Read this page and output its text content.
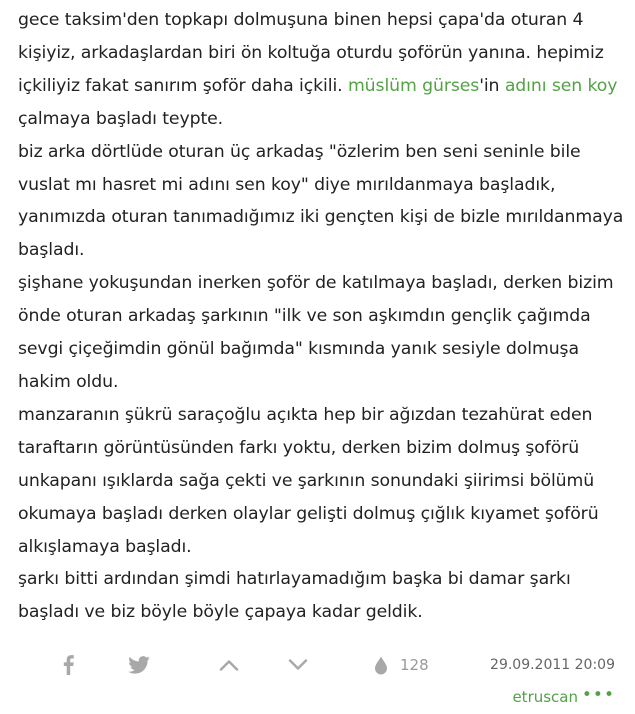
gece taksim'den topkapı dolmuşuna binen hepsi çapa'da oturan 4 kişiyiz, arkadaşlardan biri ön koltuğa oturdu şoförün yanına. hepimiz içkiliyiz fakat sanırım şoför daha içkili. müslüm gürses'in adını sen koy çalmaya başladı teypte.

biz arka dörtlüde oturan üç arkadaş "özlerim ben seni seninle bile vuslat mı hasret mi adını sen koy" diye mırıldanmaya başladık, yanımızda oturan tanımadığımız iki gençten kişi de bizle mırıldanmaya başladı.

şişhane yokuşundan inerken şoför de katılmaya başladı, derken bizim önde oturan arkadaş şarkının "ilk ve son aşkımdın gençlik çağımda sevgi çiçeğimdin gönül bağımda" kısmında yanık sesiyle dolmuşa hakim oldu.

manzaranın şükrü saraçoğlu açıkta hep bir ağızdan tezahürat eden taraftarın görüntüsünden farkı yoktu, derken bizim dolmuş şoförü unkapanı ışıklarda sağa çekti ve şarkının sonundaki şiirimsi bölümü okumaya başladı derken olaylar gelişti dolmuş çığlık kıyamet şoförü alkışlamaya başladı.

şarkı bitti ardından şimdi hatırlayamadığım başka bi damar şarkı başladı ve biz böyle böyle çapaya kadar geldik.

128	29.09.2011 20:09
etruscan •••
